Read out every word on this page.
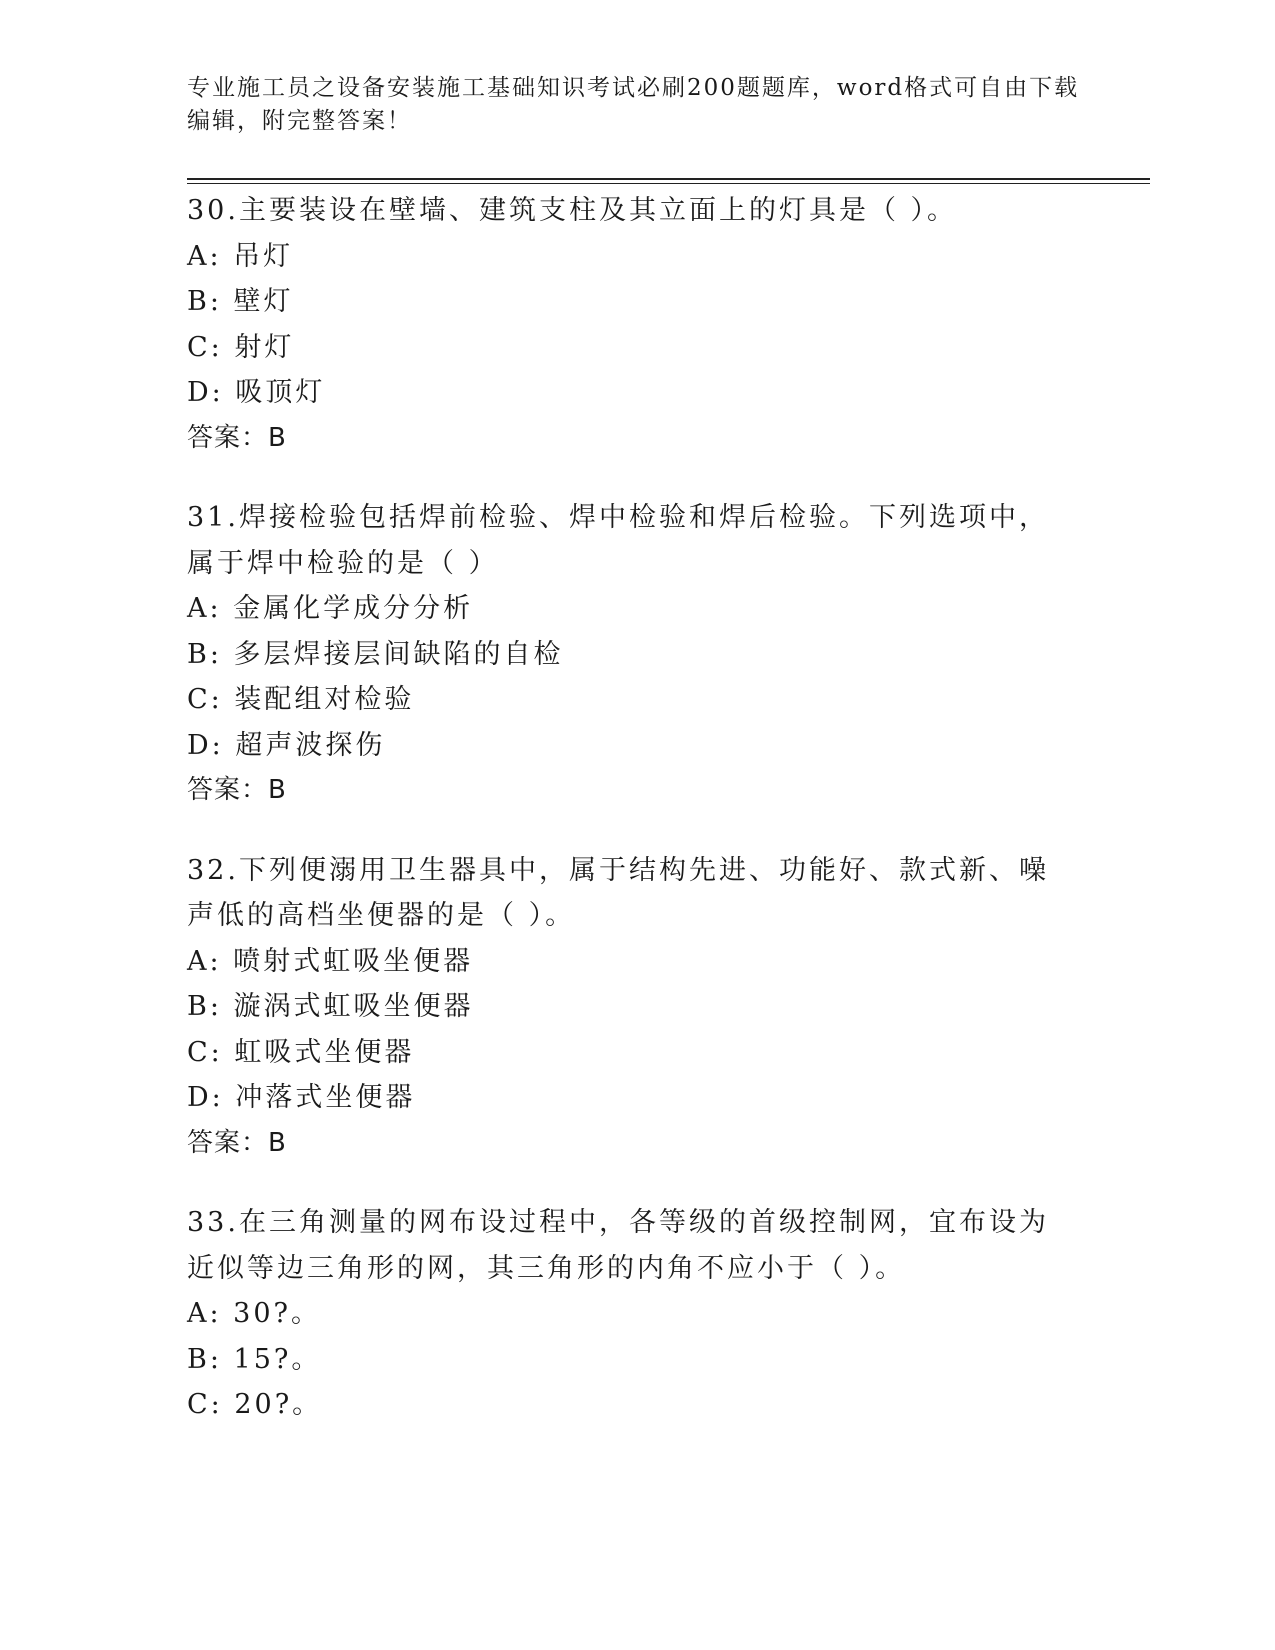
专业施工员之设备安装施工基础知识考试必刷200题题库，word格式可自由下载
编辑，附完整答案！
30.主要装设在壁墙、建筑支柱及其立面上的灯具是（ ）。
A: 吊灯
B: 壁灯
C: 射灯
D: 吸顶灯
答案：B
31.焊接检验包括焊前检验、焊中检验和焊后检验。下列选项中，属于焊中检验的是（ ）
A: 金属化学成分分析
B: 多层焊接层间缺陷的自检
C: 装配组对检验
D: 超声波探伤
答案：B
32.下列便溺用卫生器具中，属于结构先进、功能好、款式新、噪声低的高档坐便器的是（ ）。
A: 喷射式虹吸坐便器
B: 漩涡式虹吸坐便器
C: 虹吸式坐便器
D: 冲落式坐便器
答案：B
33.在三角测量的网布设过程中，各等级的首级控制网，宜布设为近似等边三角形的网，其三角形的内角不应小于（ ）。
A: 30?。
B: 15?。
C: 20?。
